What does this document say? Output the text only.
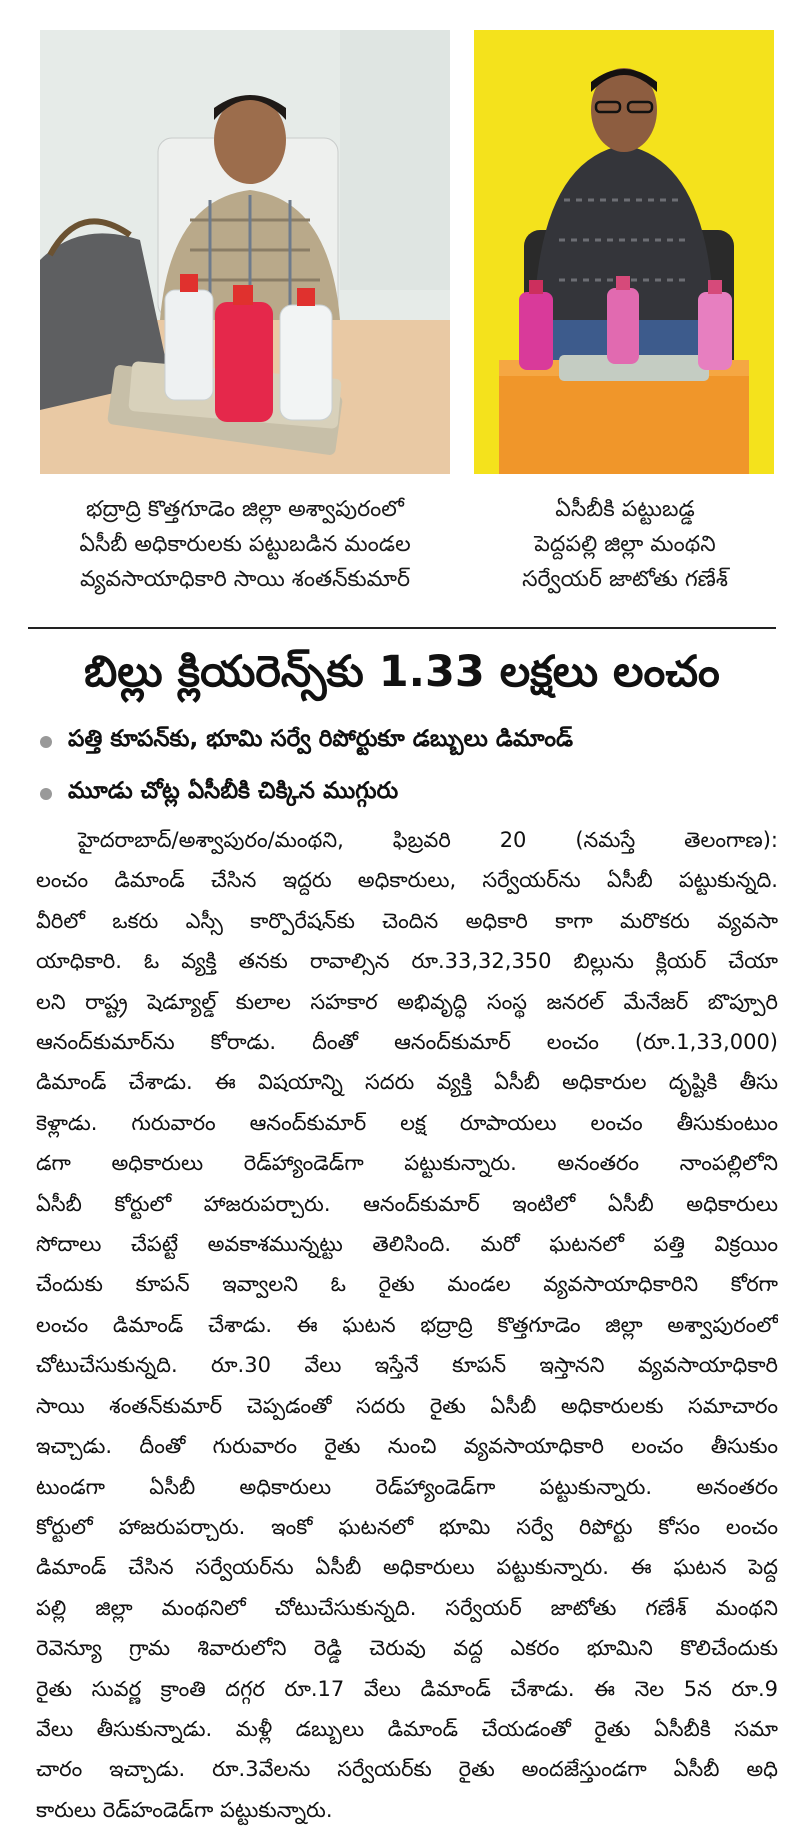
భద్రాద్రి కొత్తగూడెం జిల్లా అశ్వాపురంలో
ఏసీబీ అధికారులకు పట్టుబడిన మండల
వ్యవసాయాధికారి సాయి శంతన్‌కుమార్
ఏసీబీకి పట్టుబడ్డ
పెద్దపల్లి జిల్లా మంథని
సర్వేయర్ జాటోతు గణేశ్
బిల్లు క్లియరెన్స్‌కు 1.33 లక్షలు లంచం
పత్తి కూపన్‌కు, భూమి సర్వే రిపోర్టుకూ డబ్బులు డిమాండ్
మూడు చోట్ల ఏసీబీకి చిక్కిన ముగ్గురు
హైదరాబాద్/అశ్వాపురం/మంథని, ఫిబ్రవరి 20 (నమస్తే తెలంగాణ):
లంచం డిమాండ్ చేసిన ఇద్దరు అధికారులు, సర్వేయర్‌ను ఏసీబీ పట్టుకున్నది.
వీరిలో ఒకరు ఎస్సీ కార్పొరేషన్‌కు చెందిన అధికారి కాగా మరొకరు వ్యవసా
యాధికారి. ఓ వ్యక్తి తనకు రావాల్సిన రూ.33,32,350 బిల్లును క్లియర్ చేయా
లని రాష్ట్ర షెడ్యూల్డ్ కులాల సహకార అభివృద్ధి సంస్థ జనరల్ మేనేజర్ బొప్పూరి
ఆనంద్‌కుమార్‌ను కోరాడు. దీంతో ఆనంద్‌కుమార్ లంచం (రూ.1,33,000)
డిమాండ్ చేశాడు. ఈ విషయాన్ని సదరు వ్యక్తి ఏసీబీ అధికారుల దృష్టికి తీసు
కెళ్లాడు. గురువారం ఆనంద్‌కుమార్ లక్ష రూపాయలు లంచం తీసుకుంటుం
డగా అధికారులు రెడ్‌హ్యాండెడ్‌గా పట్టుకున్నారు. అనంతరం నాంపల్లిలోని
ఏసీబీ కోర్టులో హాజరుపర్చారు. ఆనంద్‌కుమార్ ఇంటిలో ఏసీబీ అధికారులు
సోదాలు చేపట్టే అవకాశమున్నట్టు తెలిసింది. మరో ఘటనలో పత్తి విక్రయిం
చేందుకు కూపన్ ఇవ్వాలని ఓ రైతు మండల వ్యవసాయాధికారిని కోరగా
లంచం డిమాండ్ చేశాడు. ఈ ఘటన భద్రాద్రి కొత్తగూడెం జిల్లా అశ్వాపురంలో
చోటుచేసుకున్నది. రూ.30 వేలు ఇస్తేనే కూపన్ ఇస్తానని వ్యవసాయాధికారి
సాయి శంతన్‌కుమార్ చెప్పడంతో సదరు రైతు ఏసీబీ అధికారులకు సమాచారం
ఇచ్చాడు. దీంతో గురువారం రైతు నుంచి వ్యవసాయాధికారి లంచం తీసుకుం
టుండగా ఏసీబీ అధికారులు రెడ్‌హ్యాండెడ్‌గా పట్టుకున్నారు. అనంతరం
కోర్టులో హాజరుపర్చారు. ఇంకో ఘటనలో భూమి సర్వే రిపోర్టు కోసం లంచం
డిమాండ్ చేసిన సర్వేయర్‌ను ఏసీబీ అధికారులు పట్టుకున్నారు. ఈ ఘటన పెద్ద
పల్లి జిల్లా మంథనిలో చోటుచేసుకున్నది. సర్వేయర్ జాటోతు గణేశ్ మంథని
రెవెన్యూ గ్రామ శివారులోని రెడ్డి చెరువు వద్ద ఎకరం భూమిని కొలిచేందుకు
రైతు సువర్ణ క్రాంతి దగ్గర రూ.17 వేలు డిమాండ్ చేశాడు. ఈ నెల 5న రూ.9
వేలు తీసుకున్నాడు. మళ్లీ డబ్బులు డిమాండ్ చేయడంతో రైతు ఏసీబీకి సమా
చారం ఇచ్చాడు. రూ.3వేలను సర్వేయర్‌కు రైతు అందజేస్తుండగా ఏసీబీ అధి
కారులు రెడ్‌హండెడ్‌గా పట్టుకున్నారు.
